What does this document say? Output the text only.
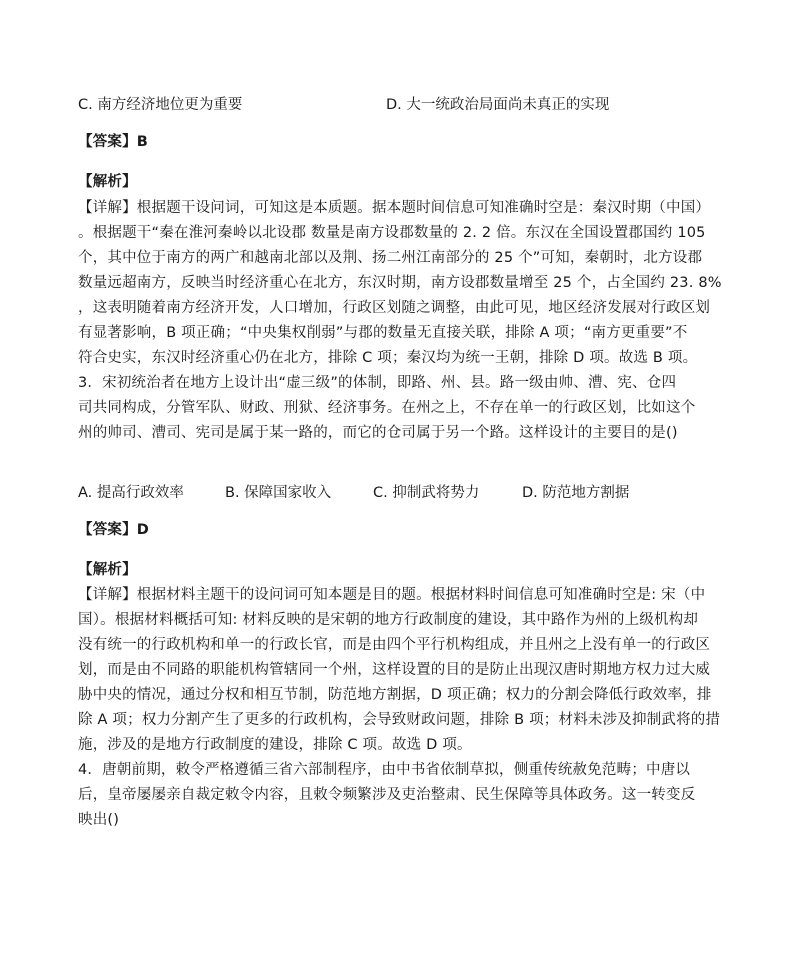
C. 南方经济地位更为重要	D. 大一统政治局面尚未真正的实现
【答案】B
【解析】
【详解】根据题干设问词，可知这是本质题。据本题时间信息可知准确时空是：秦汉时期（中国）
。根据题干“秦在淮河秦岭以北设郡 数量是南方设郡数量的 2. 2 倍。东汉在全国设置郡国约 105
个，其中位于南方的两广和越南北部以及荆、扬二州江南部分的 25 个”可知，秦朝时，北方设郡
数量远超南方，反映当时经济重心在北方，东汉时期，南方设郡数量增至 25 个，占全国约 23. 8%
，这表明随着南方经济开发，人口增加，行政区划随之调整，由此可见，地区经济发展对行政区划
有显著影响，B 项正确；“中央集权削弱”与郡的数量无直接关联，排除 A 项；“南方更重要”不
符合史实，东汉时经济重心仍在北方，排除 C 项；秦汉均为统一王朝，排除 D 项。故选 B 项。
3．宋初统治者在地方上设计出“虚三级”的体制，即路、州、县。路一级由帅、漕、宪、仓四
司共同构成，分管军队、财政、刑狱、经济事务。在州之上，不存在单一的行政区划，比如这个
州的帅司、漕司、宪司是属于某一路的，而它的仓司属于另一个路。这样设计的主要目的是()
A. 提高行政效率	B. 保障国家收入	C. 抑制武将势力	D. 防范地方割据
【答案】D
【解析】
【详解】根据材料主题干的设问词可知本题是目的题。根据材料时间信息可知准确时空是: 宋（中
国）。根据材料概括可知: 材料反映的是宋朝的地方行政制度的建设，其中路作为州的上级机构却
没有统一的行政机构和单一的行政长官，而是由四个平行机构组成，并且州之上没有单一的行政区
划，而是由不同路的职能机构管辖同一个州，这样设置的目的是防止出现汉唐时期地方权力过大威
胁中央的情况，通过分权和相互节制，防范地方割据，D 项正确；权力的分割会降低行政效率，排
除 A 项；权力分割产生了更多的行政机构，会导致财政问题，排除 B 项；材料未涉及抑制武将的措
施，涉及的是地方行政制度的建设，排除 C 项。故选 D 项。
4．唐朝前期，敕令严格遵循三省六部制程序，由中书省依制草拟，侧重传统赦免范畴；中唐以
后，皇帝屡屡亲自裁定敕令内容，且敕令频繁涉及吏治整肃、民生保障等具体政务。这一转变反
映出()
